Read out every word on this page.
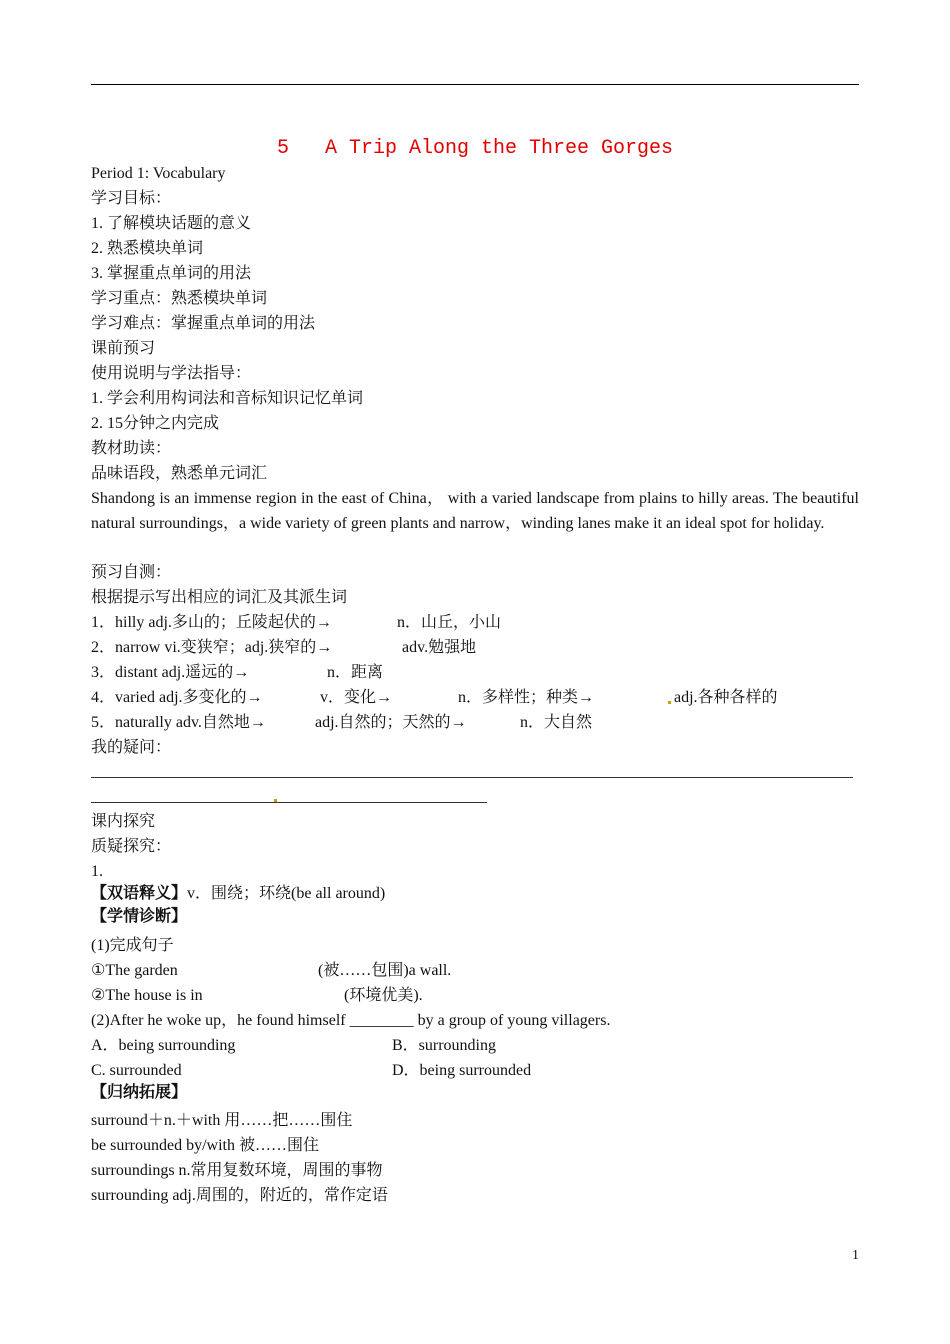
5   A Trip Along the Three Gorges
Period 1: Vocabulary
学习目标：
1. 了解模块话题的意义
2. 熟悉模块单词
3. 掌握重点单词的用法
学习重点：熟悉模块单词
学习难点：掌握重点单词的用法
课前预习
使用说明与学法指导：
1. 学会利用构词法和音标知识记忆单词
2. 15分钟之内完成
教材助读：
品味语段，熟悉单元词汇
Shandong is an immense region in the east of China， with a varied landscape from plains to hilly areas. The beautiful natural surroundings，a wide variety of green plants and narrow，winding lanes make it an ideal spot for holiday.
预习自测：
根据提示写出相应的词汇及其派生词
1．hilly adj.多山的；丘陵起伏的→	n．山丘，小山
2．narrow vi.变狭窄；adj.狭窄的→	adv.勉强地
3．distant adj.遥远的→	n．距离
4．varied adj.多变化的→	v．变化→	n．多样性；种类→	adj.各种各样的
5．naturally adv.自然地→	adj.自然的；天然的→	n．大自然
我的疑问：
课内探究
质疑探究：
1.
【双语释义】v．围绕；环绕(be all around)
【学情诊断】
(1)完成句子
①The garden	(被……包围)a wall.
②The house is in	(环境优美).
(2)After he woke up，he found himself ________ by a group of young villagers.
A．being surrounding	B．surrounding
C. surrounded	D．being surrounded
【归纳拓展】
surround＋n.＋with 用……把……围住
be surrounded by/with 被……围住
surroundings n.常用复数环境，周围的事物
surrounding adj.周围的，附近的，常作定语
1
